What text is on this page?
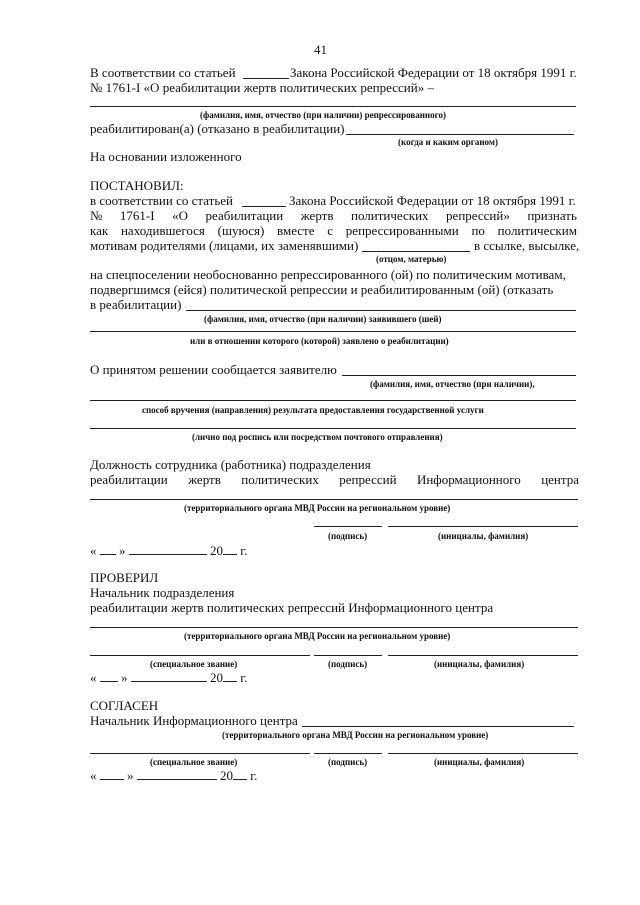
41
В соответствии со статьей	Закона Российской Федерации от 18 октября 1991 г.
№ 1761-I «О реабилитации жертв политических репрессий» –
(фамилия, имя, отчество (при наличии) репрессированного)
реабилитирован(а) (отказано в реабилитации)
(когда и каким органом)
На основании изложенного
ПОСТАНОВИЛ:
в соответствии со статьей	Закона Российской Федерации от 18 октября 1991 г.
№ 1761-I «О реабилитации жертв политических репрессий» признать
как находившегося (шуюся) вместе с репрессированными по политическим
мотивам родителями (лицами, их заменявшими)	в ссылке, высылке,
(отцом, матерью)
на спецпоселении необоснованно репрессированного (ой) по политическим мотивам,
подвергшимся (ейся) политической репрессии и реабилитированным (ой) (отказать
в реабилитации)
(фамилия, имя, отчество (при наличии) заявившего (шей)
или в отношении которого (которой) заявлено о реабилитации)
О принятом решении сообщается заявителю
(фамилия, имя, отчество (при наличии),
способ вручения (направления) результата предоставления государственной услуги
(лично под роспись или посредством почтового отправления)
Должность сотрудника (работника) подразделения
реабилитации жертв политических репрессий Информационного центра
(территориального органа МВД России на региональном уровне)
(подпись)	(инициалы, фамилия)
« »	20 г.
ПРОВЕРИЛ
Начальник подразделения
реабилитации жертв политических репрессий Информационного центра
(территориального органа МВД России на региональном уровне)
(специальное звание)	(подпись)	(инициалы, фамилия)
« »	20 г.
СОГЛАСЕН
Начальник Информационного центра
(территориального органа МВД России на региональном уровне)
(специальное звание)	(подпись)	(инициалы, фамилия)
« »	20 г.
